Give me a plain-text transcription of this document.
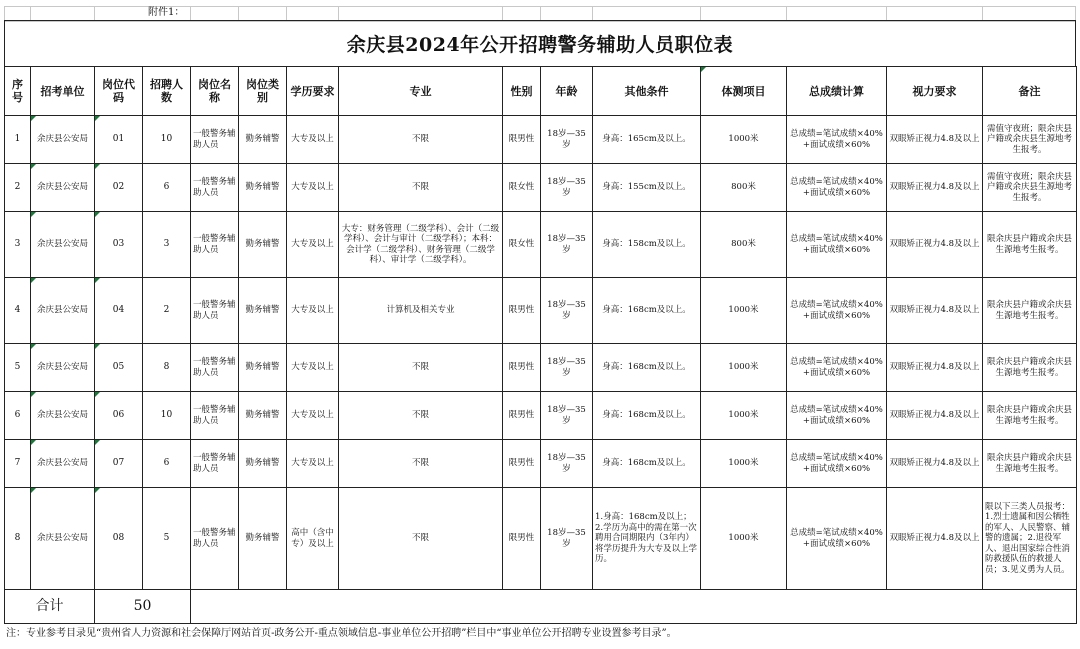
附件1：
余庆县2024年公开招聘警务辅助人员职位表
序号	招考单位	岗位代码	招聘人数	岗位名称	岗位类别	学历要求	专业	性别	年龄	其他条件	体测项目	总成绩计算	视力要求	备注
1	余庆县公安局	01	10	一般警务辅助人员	勤务辅警	大专及以上	不限	限男性	18岁—35岁	身高：165cm及以上。	1000米	总成绩=笔试成绩×40%+面试成绩×60%	双眼矫正视力4.8及以上	需值守夜班；限余庆县户籍或余庆县生源地考生报考。
2	余庆县公安局	02	6	一般警务辅助人员	勤务辅警	大专及以上	不限	限女性	18岁—35岁	身高：155cm及以上。	800米	总成绩=笔试成绩×40%+面试成绩×60%	双眼矫正视力4.8及以上	需值守夜班；限余庆县户籍或余庆县生源地考生报考。
3	余庆县公安局	03	3	一般警务辅助人员	勤务辅警	大专及以上	大专：财务管理（二级学科）、会计（二级学科）、会计与审计（二级学科）；本科：会计学（二级学科）、财务管理（二级学科）、审计学（二级学科）。	限女性	18岁—35岁	身高：158cm及以上。	800米	总成绩=笔试成绩×40%+面试成绩×60%	双眼矫正视力4.8及以上	限余庆县户籍或余庆县生源地考生报考。
4	余庆县公安局	04	2	一般警务辅助人员	勤务辅警	大专及以上	计算机及相关专业	限男性	18岁—35岁	身高：168cm及以上。	1000米	总成绩=笔试成绩×40%+面试成绩×60%	双眼矫正视力4.8及以上	限余庆县户籍或余庆县生源地考生报考。
5	余庆县公安局	05	8	一般警务辅助人员	勤务辅警	大专及以上	不限	限男性	18岁—35岁	身高：168cm及以上。	1000米	总成绩=笔试成绩×40%+面试成绩×60%	双眼矫正视力4.8及以上	限余庆县户籍或余庆县生源地考生报考。
6	余庆县公安局	06	10	一般警务辅助人员	勤务辅警	大专及以上	不限	限男性	18岁—35岁	身高：168cm及以上。	1000米	总成绩=笔试成绩×40%+面试成绩×60%	双眼矫正视力4.8及以上	限余庆县户籍或余庆县生源地考生报考。
7	余庆县公安局	07	6	一般警务辅助人员	勤务辅警	大专及以上	不限	限男性	18岁—35岁	身高：168cm及以上。	1000米	总成绩=笔试成绩×40%+面试成绩×60%	双眼矫正视力4.8及以上	限余庆县户籍或余庆县生源地考生报考。
8	余庆县公安局	08	5	一般警务辅助人员	勤务辅警	高中（含中专）及以上	不限	限男性	18岁—35岁	1.身高：168cm及以上；2.学历为高中的需在第一次聘用合同期限内（3年内）将学历提升为大专及以上学历。	1000米	总成绩=笔试成绩×40%+面试成绩×60%	双眼矫正视力4.8及以上	限以下三类人员报考：1.烈士遗属和因公牺牲的军人、人民警察、辅警的遗属；2.退役军人、退出国家综合性消防救援队伍的救援人员；3.见义勇为人员。
合计		50												
注：专业参考目录见“贵州省人力资源和社会保障厅网站首页-政务公开-重点领域信息-事业单位公开招聘”栏目中“事业单位公开招聘专业设置参考目录”。
